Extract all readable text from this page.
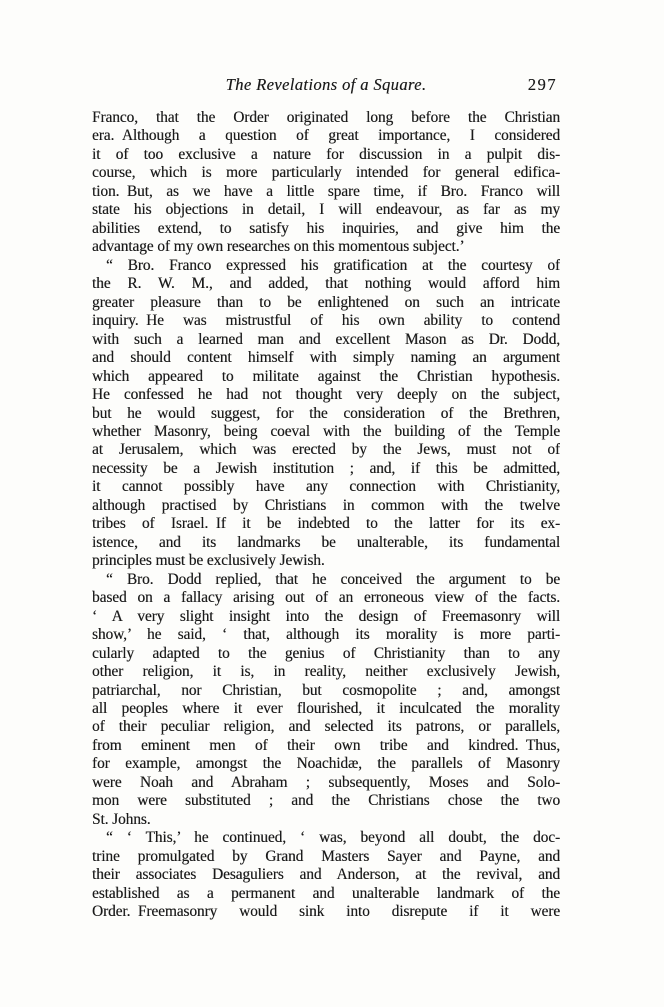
The Revelations of a Square.	297
Franco, that the Order originated long before the Christian
era. Although a question of great importance, I considered
it of too exclusive a nature for discussion in a pulpit dis-
course, which is more particularly intended for general edifica-
tion. But, as we have a little spare time, if Bro. Franco will
state his objections in detail, I will endeavour, as far as my
abilities extend, to satisfy his inquiries, and give him the
advantage of my own researches on this momentous subject.’
“ Bro. Franco expressed his gratification at the courtesy of
the R. W. M., and added, that nothing would afford him
greater pleasure than to be enlightened on such an intricate
inquiry. He was mistrustful of his own ability to contend
with such a learned man and excellent Mason as Dr. Dodd,
and should content himself with simply naming an argument
which appeared to militate against the Christian hypothesis.
He confessed he had not thought very deeply on the subject,
but he would suggest, for the consideration of the Brethren,
whether Masonry, being coeval with the building of the Temple
at Jerusalem, which was erected by the Jews, must not of
necessity be a Jewish institution ; and, if this be admitted,
it cannot possibly have any connection with Christianity,
although practised by Christians in common with the twelve
tribes of Israel. If it be indebted to the latter for its ex-
istence, and its landmarks be unalterable, its fundamental
principles must be exclusively Jewish.
“ Bro. Dodd replied, that he conceived the argument to be
based on a fallacy arising out of an erroneous view of the facts.
‘ A very slight insight into the design of Freemasonry will
show,’ he said, ‘ that, although its morality is more parti-
cularly adapted to the genius of Christianity than to any
other religion, it is, in reality, neither exclusively Jewish,
patriarchal, nor Christian, but cosmopolite ; and, amongst
all peoples where it ever flourished, it inculcated the morality
of their peculiar religion, and selected its patrons, or parallels,
from eminent men of their own tribe and kindred. Thus,
for example, amongst the Noachidæ, the parallels of Masonry
were Noah and Abraham ; subsequently, Moses and Solo-
mon were substituted ; and the Christians chose the two
St. Johns.
“ ‘ This,’ he continued, ‘ was, beyond all doubt, the doc-
trine promulgated by Grand Masters Sayer and Payne, and
their associates Desaguliers and Anderson, at the revival, and
established as a permanent and unalterable landmark of the
Order. Freemasonry would sink into disrepute if it were
